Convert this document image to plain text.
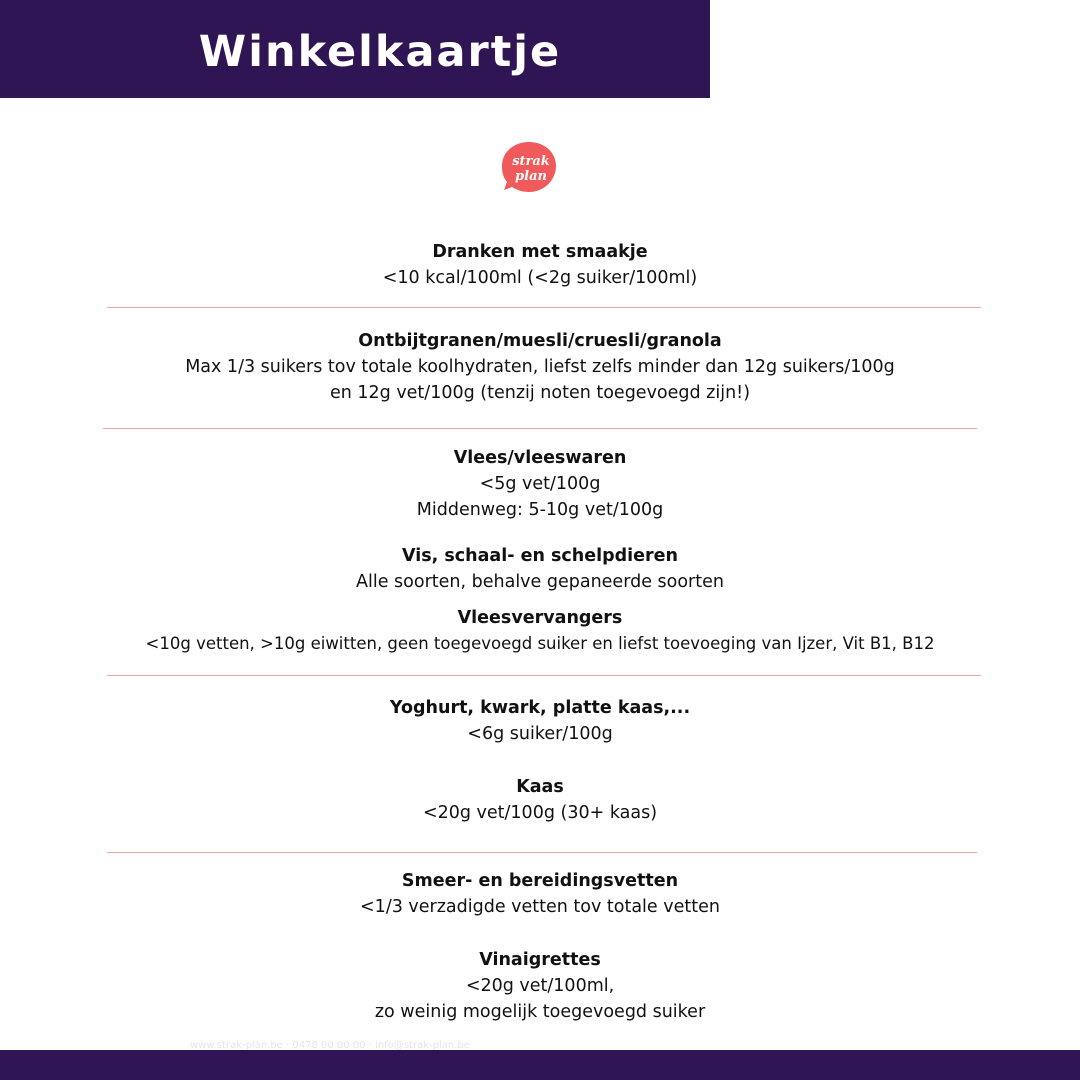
Winkelkaartje
strak
plan
Dranken met smaakje
<10 kcal/100ml (<2g suiker/100ml)
Ontbijtgranen/muesli/cruesli/granola
Max 1/3 suikers tov totale koolhydraten, liefst zelfs minder dan 12g suikers/100g
en 12g vet/100g (tenzij noten toegevoegd zijn!)
Vlees/vleeswaren
<5g vet/100g
Middenweg: 5-10g vet/100g
Vis, schaal- en schelpdieren
Alle soorten, behalve gepaneerde soorten
Vleesvervangers
<10g vetten, >10g eiwitten, geen toegevoegd suiker en liefst toevoeging van Ijzer, Vit B1, B12
Yoghurt, kwark, platte kaas,...
<6g suiker/100g
Kaas
<20g vet/100g (30+ kaas)
Smeer- en bereidingsvetten
<1/3 verzadigde vetten tov totale vetten
Vinaigrettes
<20g vet/100ml,
zo weinig mogelijk toegevoegd suiker
www.strak-plan.be · 0478 00 00 00 · info@strak-plan.be
